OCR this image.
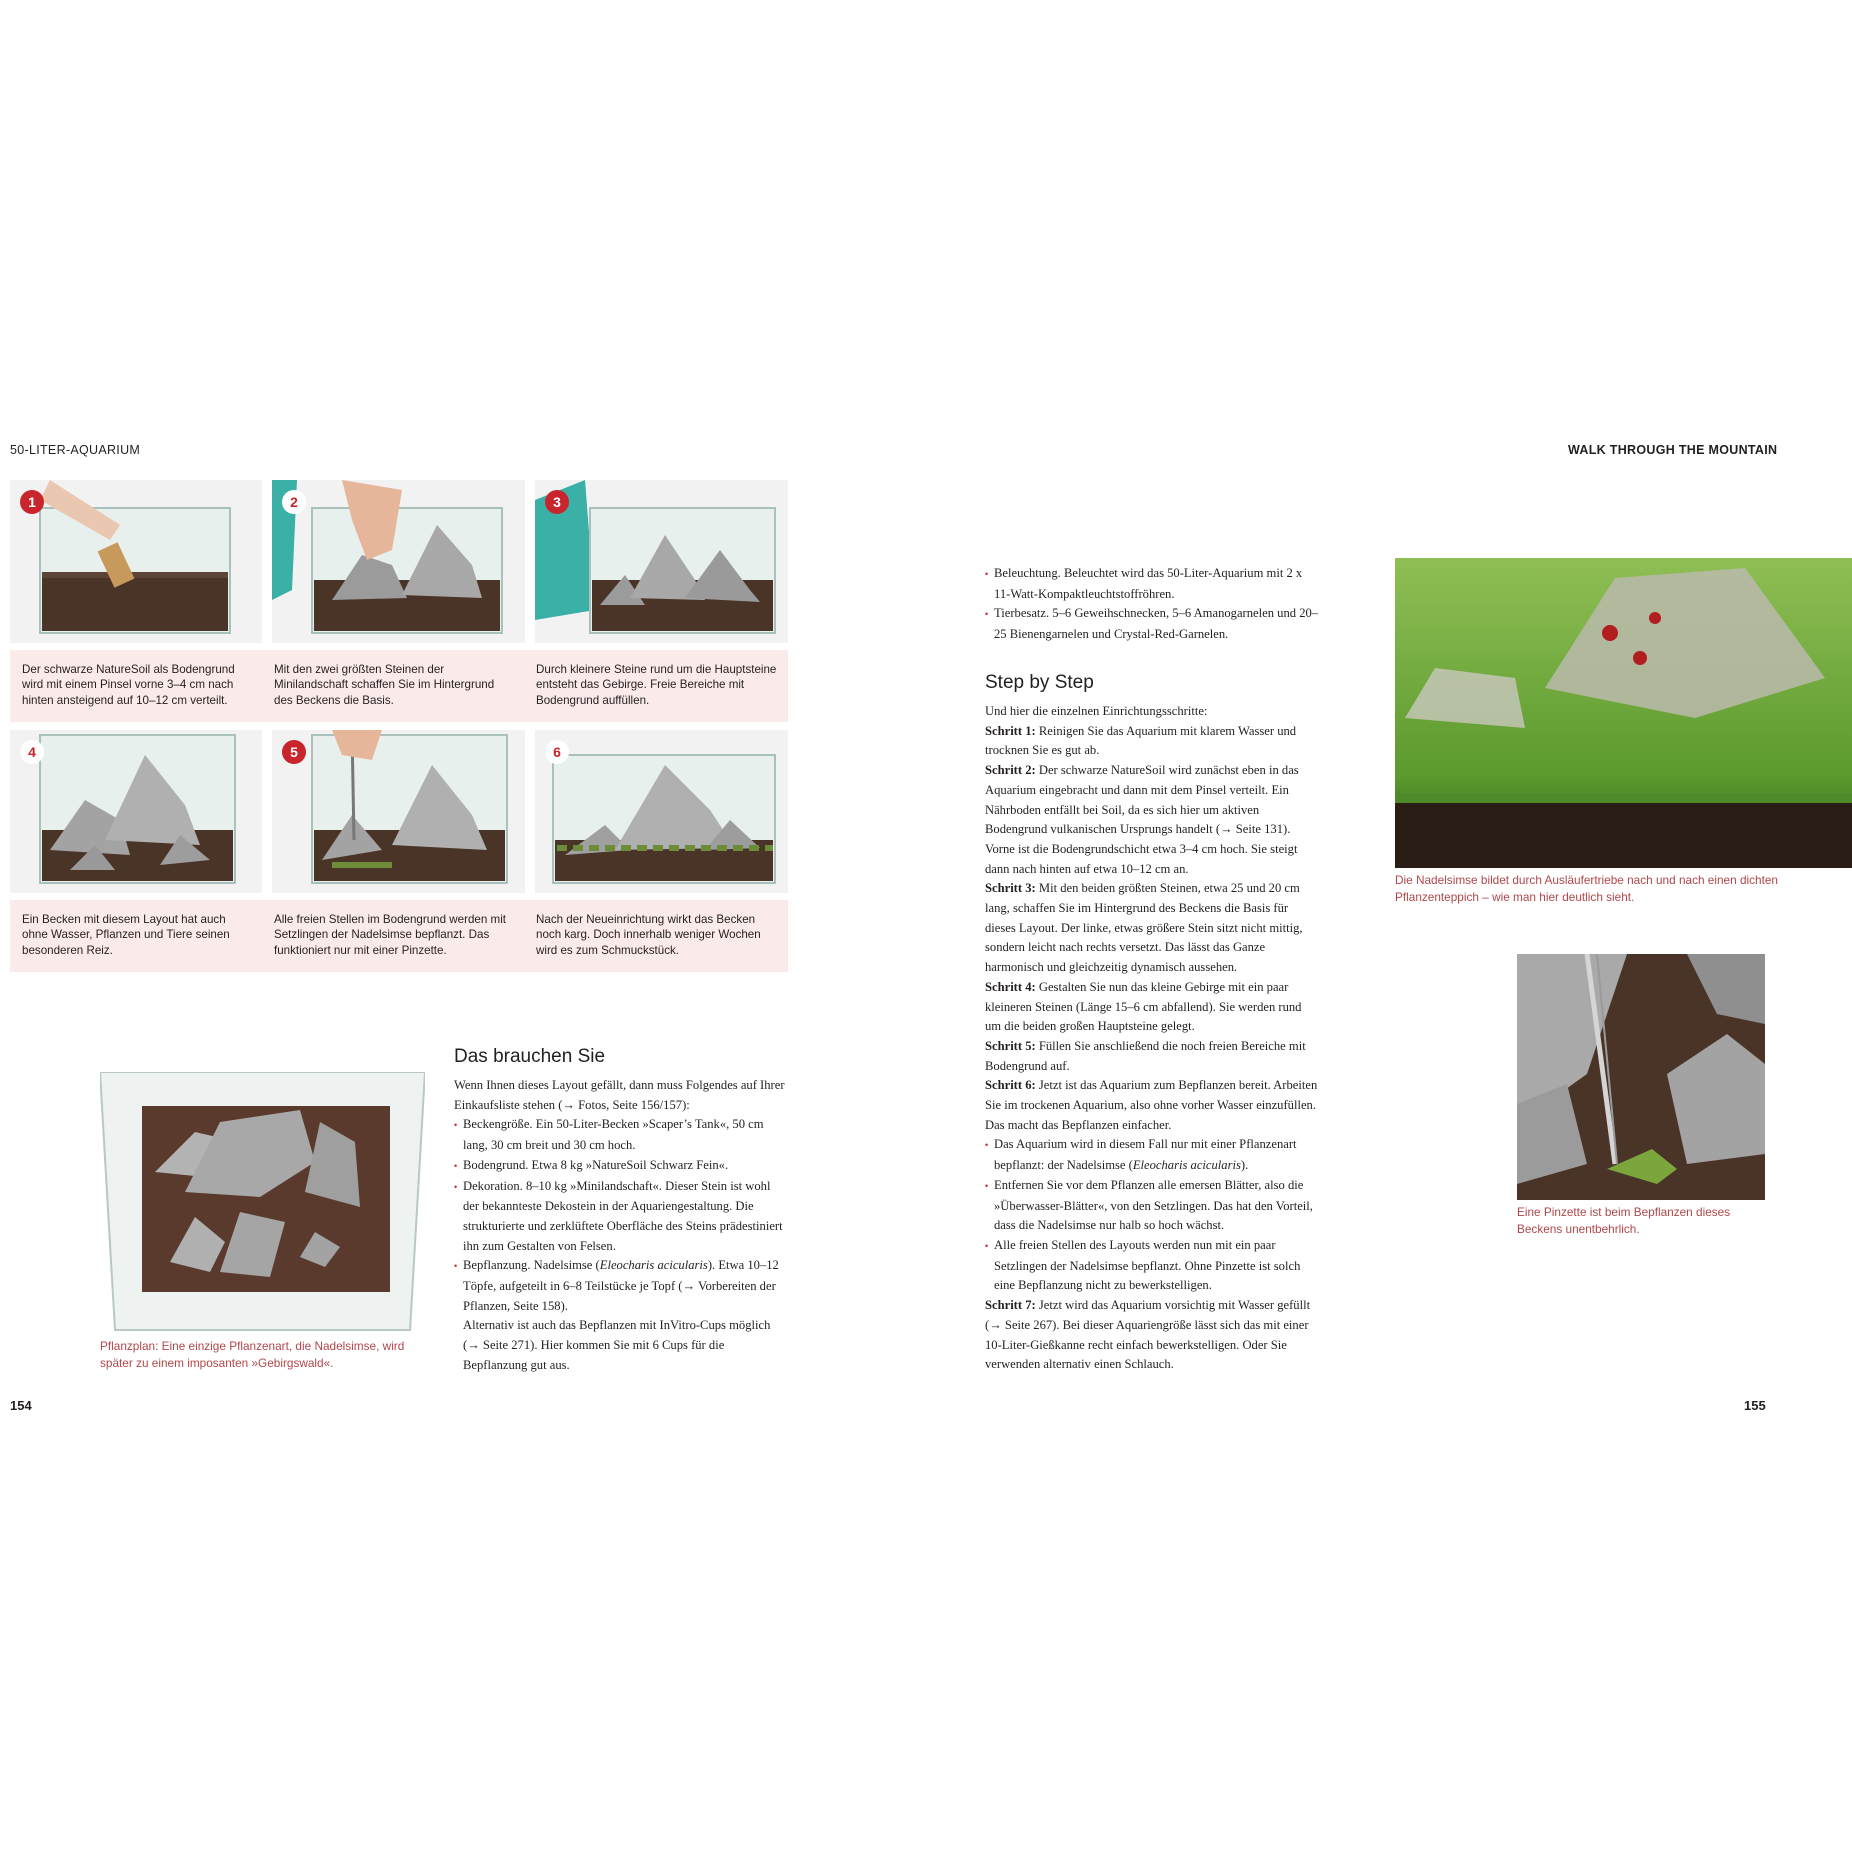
50-LITER-AQUARIUM	WALK THROUGH THE MOUNTAIN
1	2	3
Der schwarze NatureSoil als Bodengrund wird mit einem Pinsel vorne 3–4 cm nach hinten ansteigend auf 10–12 cm verteilt.
Mit den zwei größten Steinen der Minilandschaft schaffen Sie im Hintergrund des Beckens die Basis.
Durch kleinere Steine rund um die Hauptsteine entsteht das Gebirge. Freie Bereiche mit Bodengrund auffüllen.
4	5	6
Ein Becken mit diesem Layout hat auch ohne Wasser, Pflanzen und Tiere seinen besonderen Reiz.
Alle freien Stellen im Bodengrund werden mit Setzlingen der Nadelsimse bepflanzt. Das funktioniert nur mit einer Pinzette.
Nach der Neueinrichtung wirkt das Becken noch karg. Doch innerhalb weniger Wochen wird es zum Schmuckstück.
Pflanzplan: Eine einzige Pflanzenart, die Nadelsimse, wird später zu einem imposanten »Gebirgswald«.
Das brauchen Sie

Wenn Ihnen dieses Layout gefällt, dann muss Folgendes auf Ihrer Einkaufsliste stehen (→ Fotos, Seite 156/157):

• Beckengröße. Ein 50-Liter-Becken »Scaper’s Tank«, 50 cm lang, 30 cm breit und 30 cm hoch.

• Bodengrund. Etwa 8 kg »NatureSoil Schwarz Fein«.

• Dekoration. 8–10 kg »Minilandschaft«. Dieser Stein ist wohl der bekannteste Dekostein in der Aquariengestaltung. Die strukturierte und zerklüftete Oberfläche des Steins prädestiniert ihn zum Gestalten von Felsen.

• Bepflanzung. Nadelsimse (Eleocharis acicularis). Etwa 10–12 Töpfe, aufgeteilt in 6–8 Teilstücke je Topf (→ Vorbereiten der Pflanzen, Seite 158).

Alternativ ist auch das Bepflanzen mit InVitro-Cups möglich (→ Seite 271). Hier kommen Sie mit 6 Cups für die Bepflanzung gut aus.

154	155

• Beleuchtung. Beleuchtet wird das 50-Liter-Aquarium mit 2 x 11-Watt-Kompaktleuchtstoffröhren.

• Tierbesatz. 5–6 Geweihschnecken, 5–6 Amanogarnelen und 20–25 Bienengarnelen und Crystal-Red-Garnelen.

Step by Step

Und hier die einzelnen Einrichtungsschritte:

Schritt 1: Reinigen Sie das Aquarium mit klarem Wasser und trocknen Sie es gut ab.

Schritt 2: Der schwarze NatureSoil wird zunächst eben in das Aquarium eingebracht und dann mit dem Pinsel verteilt. Ein Nährboden entfällt bei Soil, da es sich hier um aktiven Bodengrund vulkanischen Ursprungs handelt (→ Seite 131). Vorne ist die Bodengrundschicht etwa 3–4 cm hoch. Sie steigt dann nach hinten auf etwa 10–12 cm an.

Schritt 3: Mit den beiden größten Steinen, etwa 25 und 20 cm lang, schaffen Sie im Hintergrund des Beckens die Basis für dieses Layout. Der linke, etwas größere Stein sitzt nicht mittig, sondern leicht nach rechts versetzt. Das lässt das Ganze harmonisch und gleichzeitig dynamisch aussehen.

Schritt 4: Gestalten Sie nun das kleine Gebirge mit ein paar kleineren Steinen (Länge 15–6 cm abfallend). Sie werden rund um die beiden großen Hauptsteine gelegt.

Schritt 5: Füllen Sie anschließend die noch freien Bereiche mit Bodengrund auf.

Schritt 6: Jetzt ist das Aquarium zum Bepflanzen bereit. Arbeiten Sie im trockenen Aquarium, also ohne vorher Wasser einzufüllen. Das macht das Bepflanzen einfacher.

• Das Aquarium wird in diesem Fall nur mit einer Pflanzenart bepflanzt: der Nadelsimse (Eleocharis acicularis).

• Entfernen Sie vor dem Pflanzen alle emersen Blätter, also die »Überwasser-Blätter«, von den Setzlingen. Das hat den Vorteil, dass die Nadelsimse nur halb so hoch wächst.

• Alle freien Stellen des Layouts werden nun mit ein paar Setzlingen der Nadelsimse bepflanzt. Ohne Pinzette ist solch eine Bepflanzung nicht zu bewerkstelligen.

Schritt 7: Jetzt wird das Aquarium vorsichtig mit Wasser gefüllt (→ Seite 267). Bei dieser Aquariengröße lässt sich das mit einer 10-Liter-Gießkanne recht einfach bewerkstelligen. Oder Sie verwenden alternativ einen Schlauch.

Die Nadelsimse bildet durch Ausläufertriebe nach und nach einen dichten Pflanzenteppich – wie man hier deutlich sieht.
Eine Pinzette ist beim Bepflanzen dieses Beckens unentbehrlich.
